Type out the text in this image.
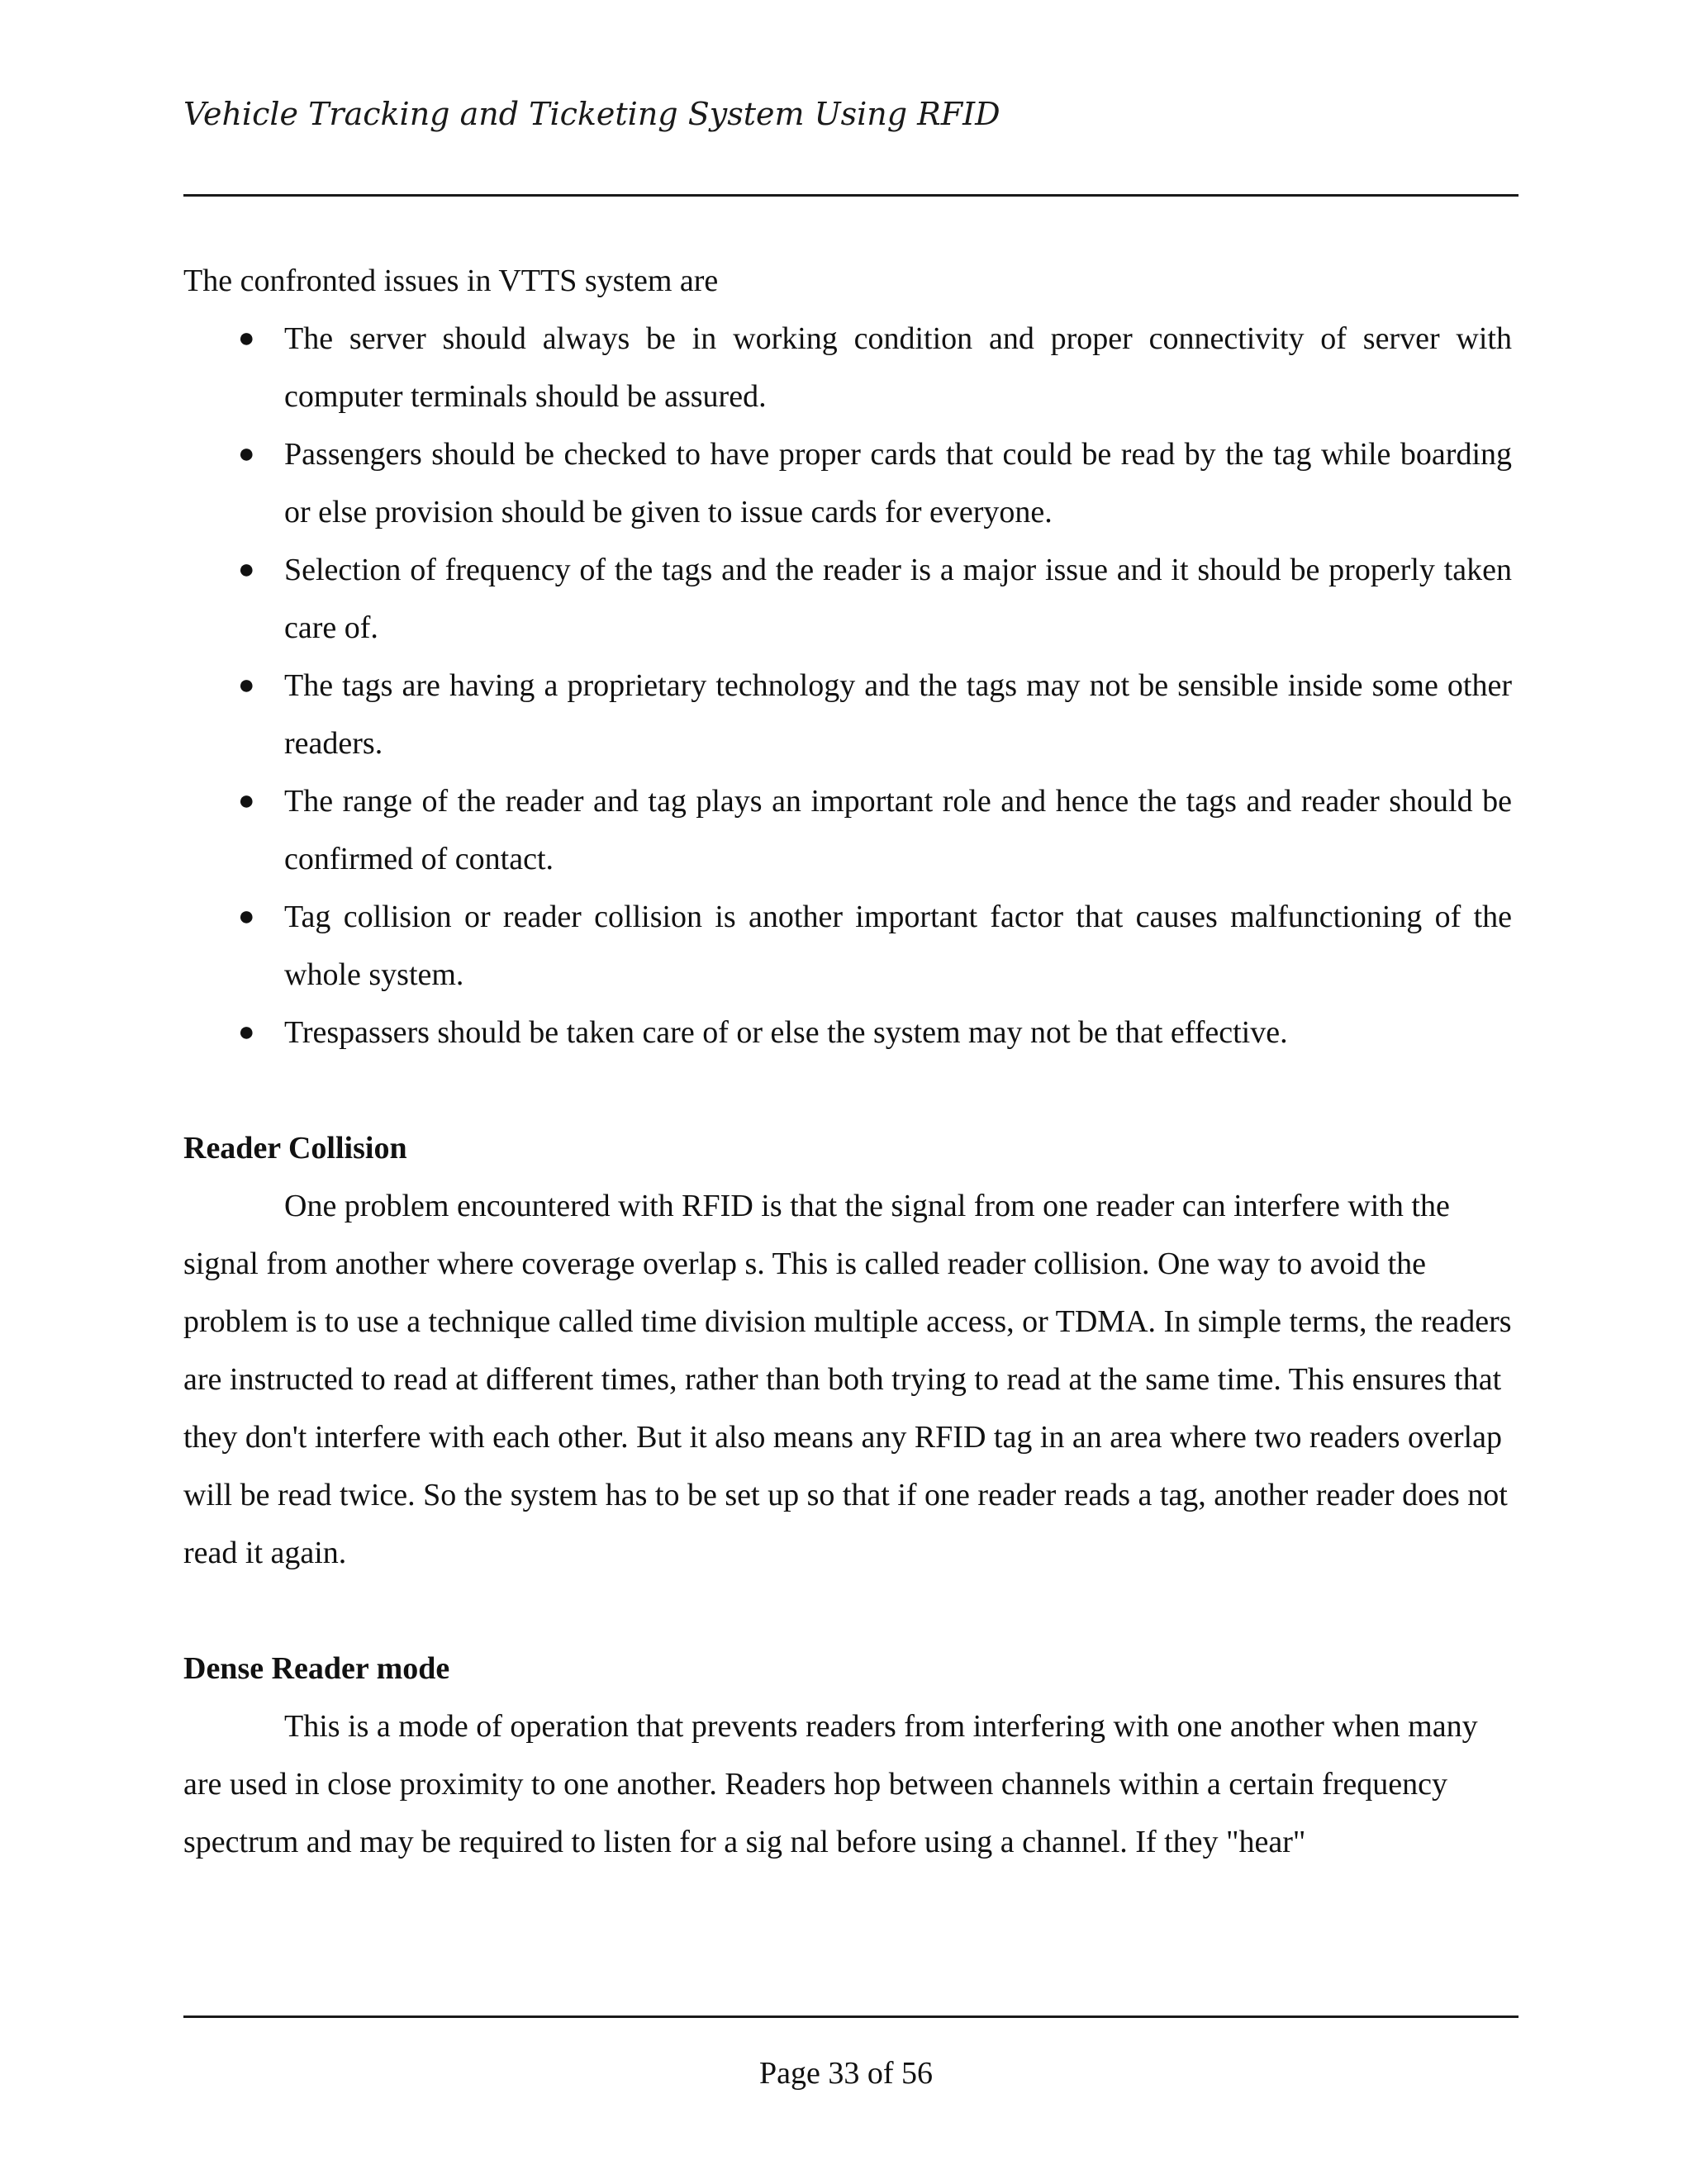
Vehicle Tracking and Ticketing System Using RFID

The confronted issues in VTTS system are

● The server should always be in working condition and proper connectivity of server with computer terminals should be assured.
● Passengers should be checked to have proper cards that could be read by the tag while boarding or else provision should be given to issue cards for everyone.
● Selection of frequency of the tags and the reader is a major issue and it should be properly taken care of.
● The tags are having a proprietary technology and the tags may not be sensible inside some other readers.
● The range of the reader and tag plays an important role and hence the tags and reader should be confirmed of contact.
● Tag collision or reader collision is another important factor that causes malfunctioning of the whole system.
● Trespassers should be taken care of or else the system may not be that effective.
Reader Collision

One problem encountered with RFID is that the signal from one reader can interfere with the signal from another where coverage overlap s. This is called reader collision. One way to avoid the problem is to use a technique called time division multiple access, or TDMA. In simple terms, the readers are instructed to read at different times, rather than both trying to read at the same time. This ensures that they don't interfere with each other. But it also means any RFID tag in an area where two readers overlap will be read twice. So the system has to be set up so that if one reader reads a tag, another reader does not read it again.

Dense Reader mode

This is a mode of operation that prevents readers from interfering with one another when many are used in close proximity to one another. Readers hop between channels within a certain frequency spectrum and may be required to listen for a sig nal before using a channel. If they "hear"

Page 33 of 56
